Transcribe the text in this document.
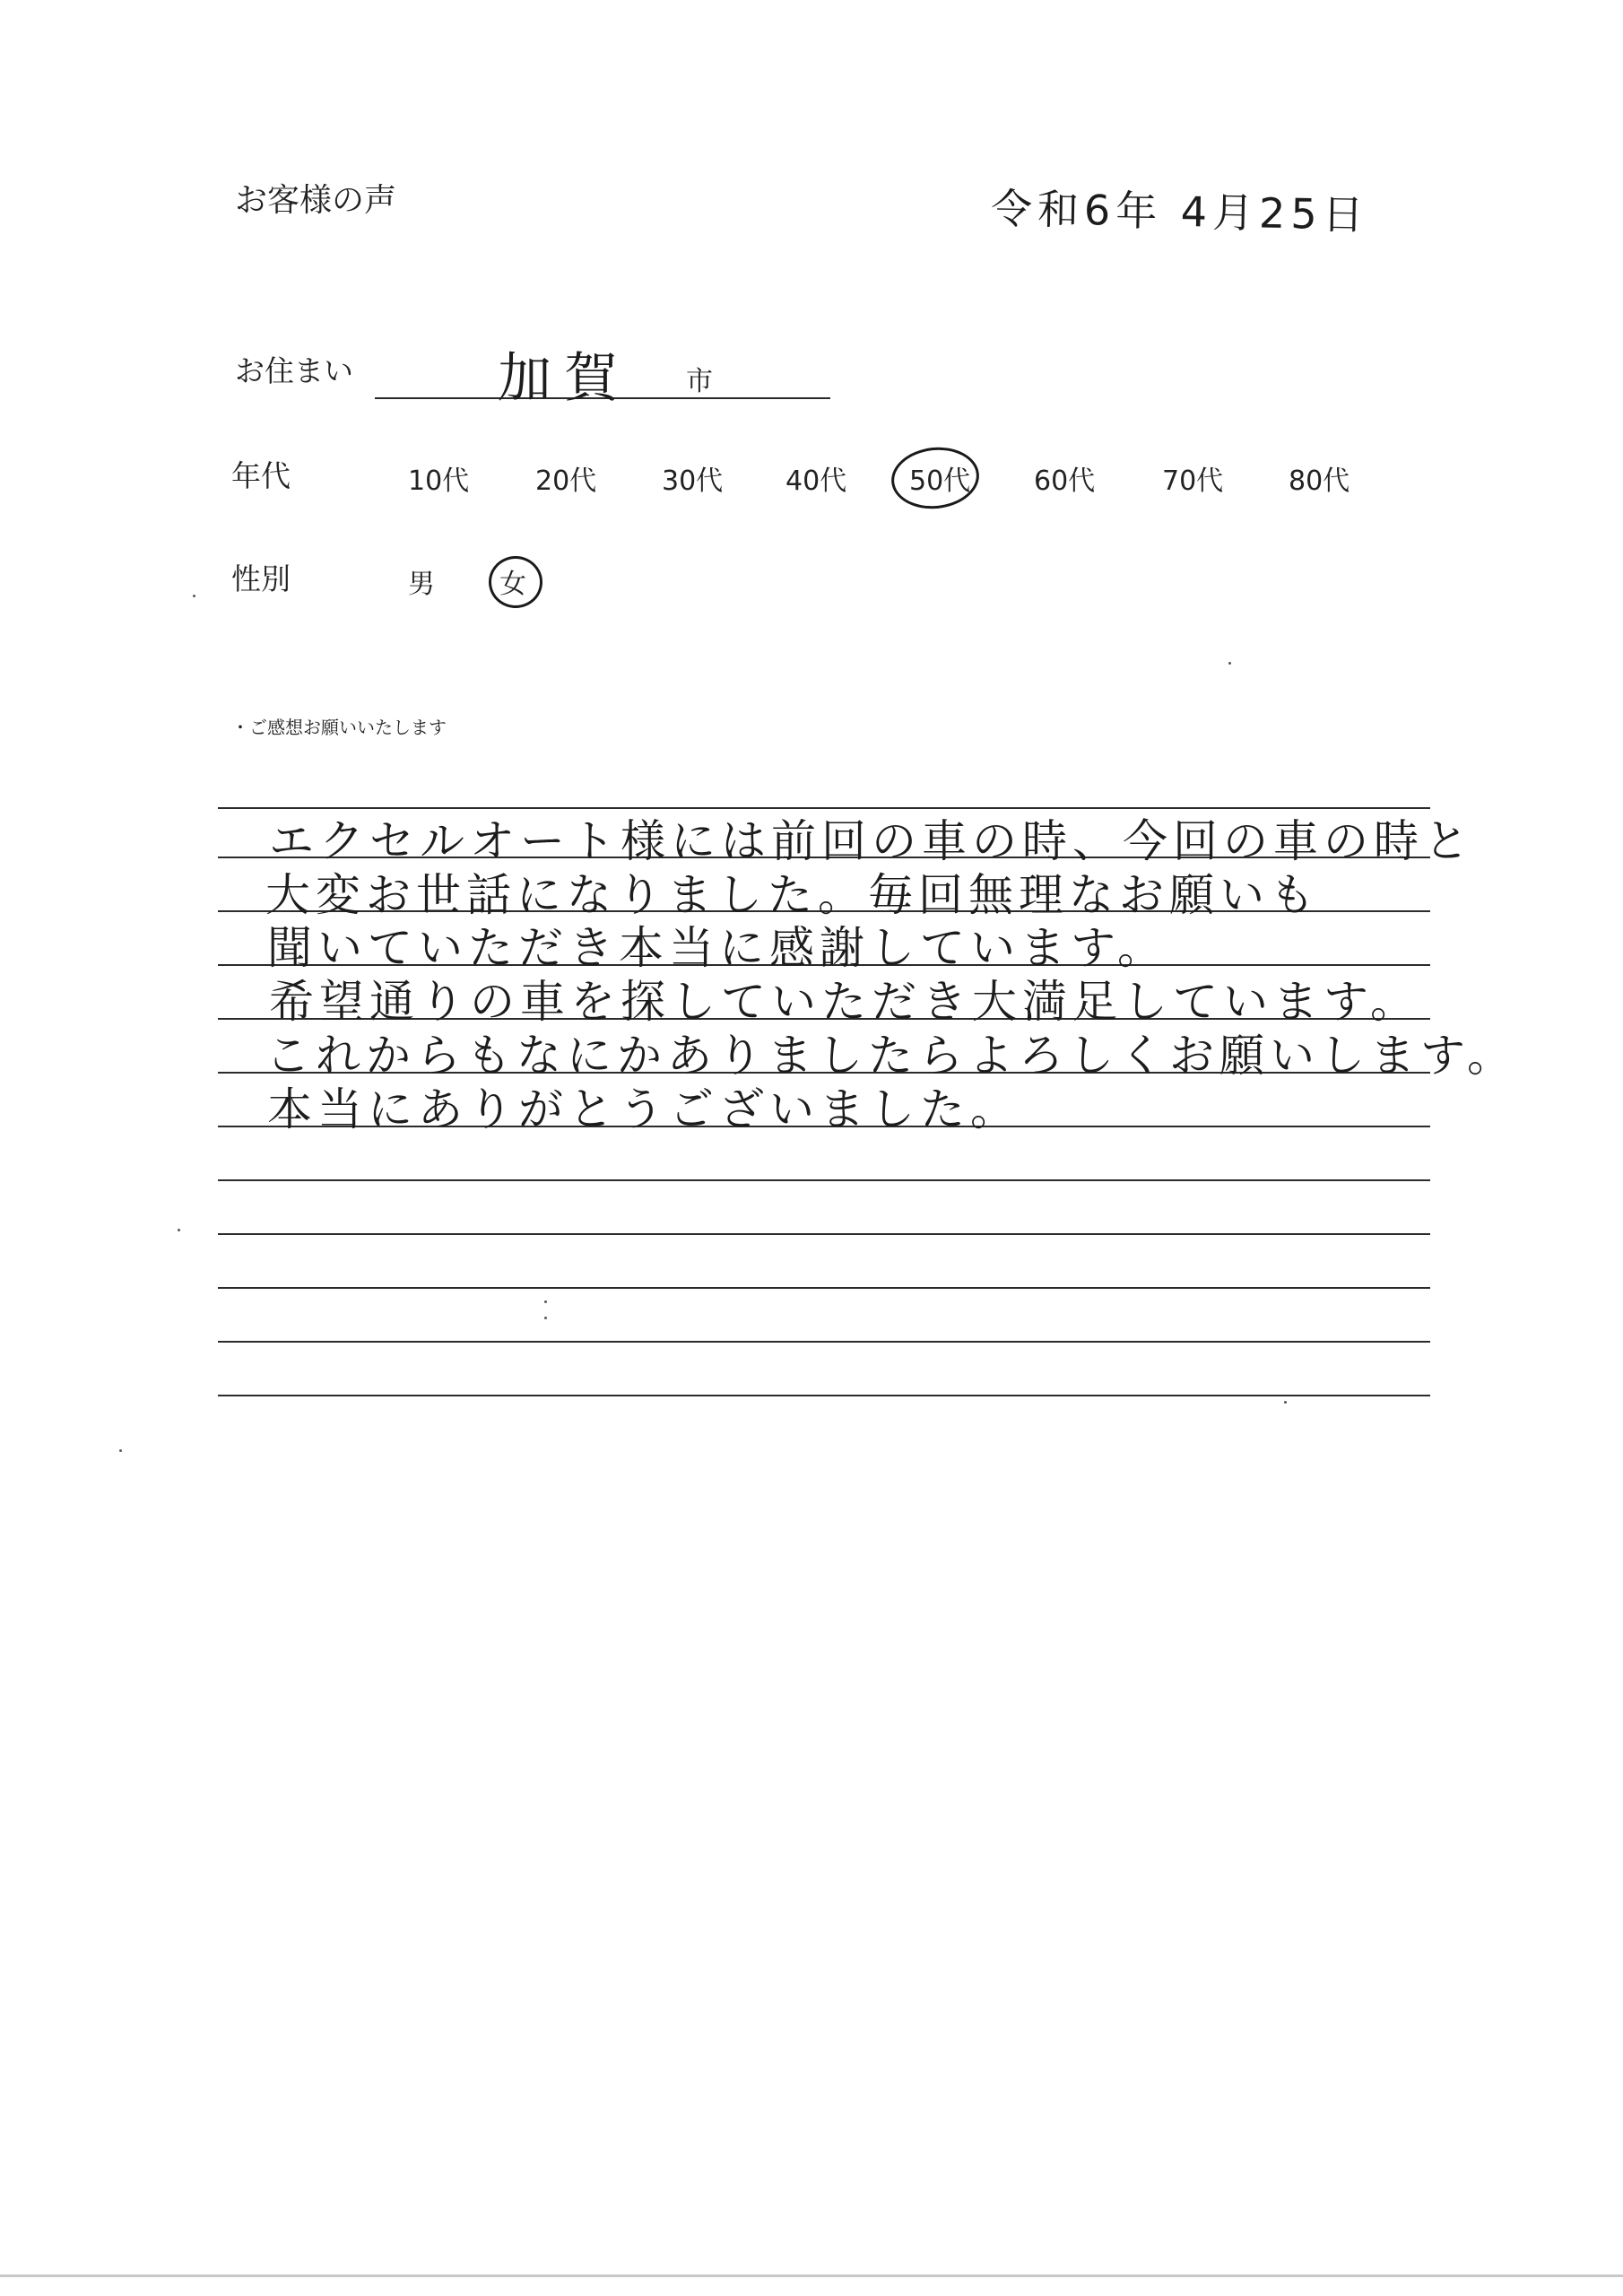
お客様の声	令和6年 4月25日
お住まい	加賀 市
年代	10代 20代 30代 40代 50代 60代 70代 80代
性別	男 女
・ご感想お願いいたします
エクセルオート様には前回の車の時、今回の車の時と
大変お世話になりました。毎回無理なお願いも
聞いていただき本当に感謝しています。
希望通りの車を探していただき大満足しています。
これからもなにかありましたらよろしくお願いします。
本当にありがとうございました。
